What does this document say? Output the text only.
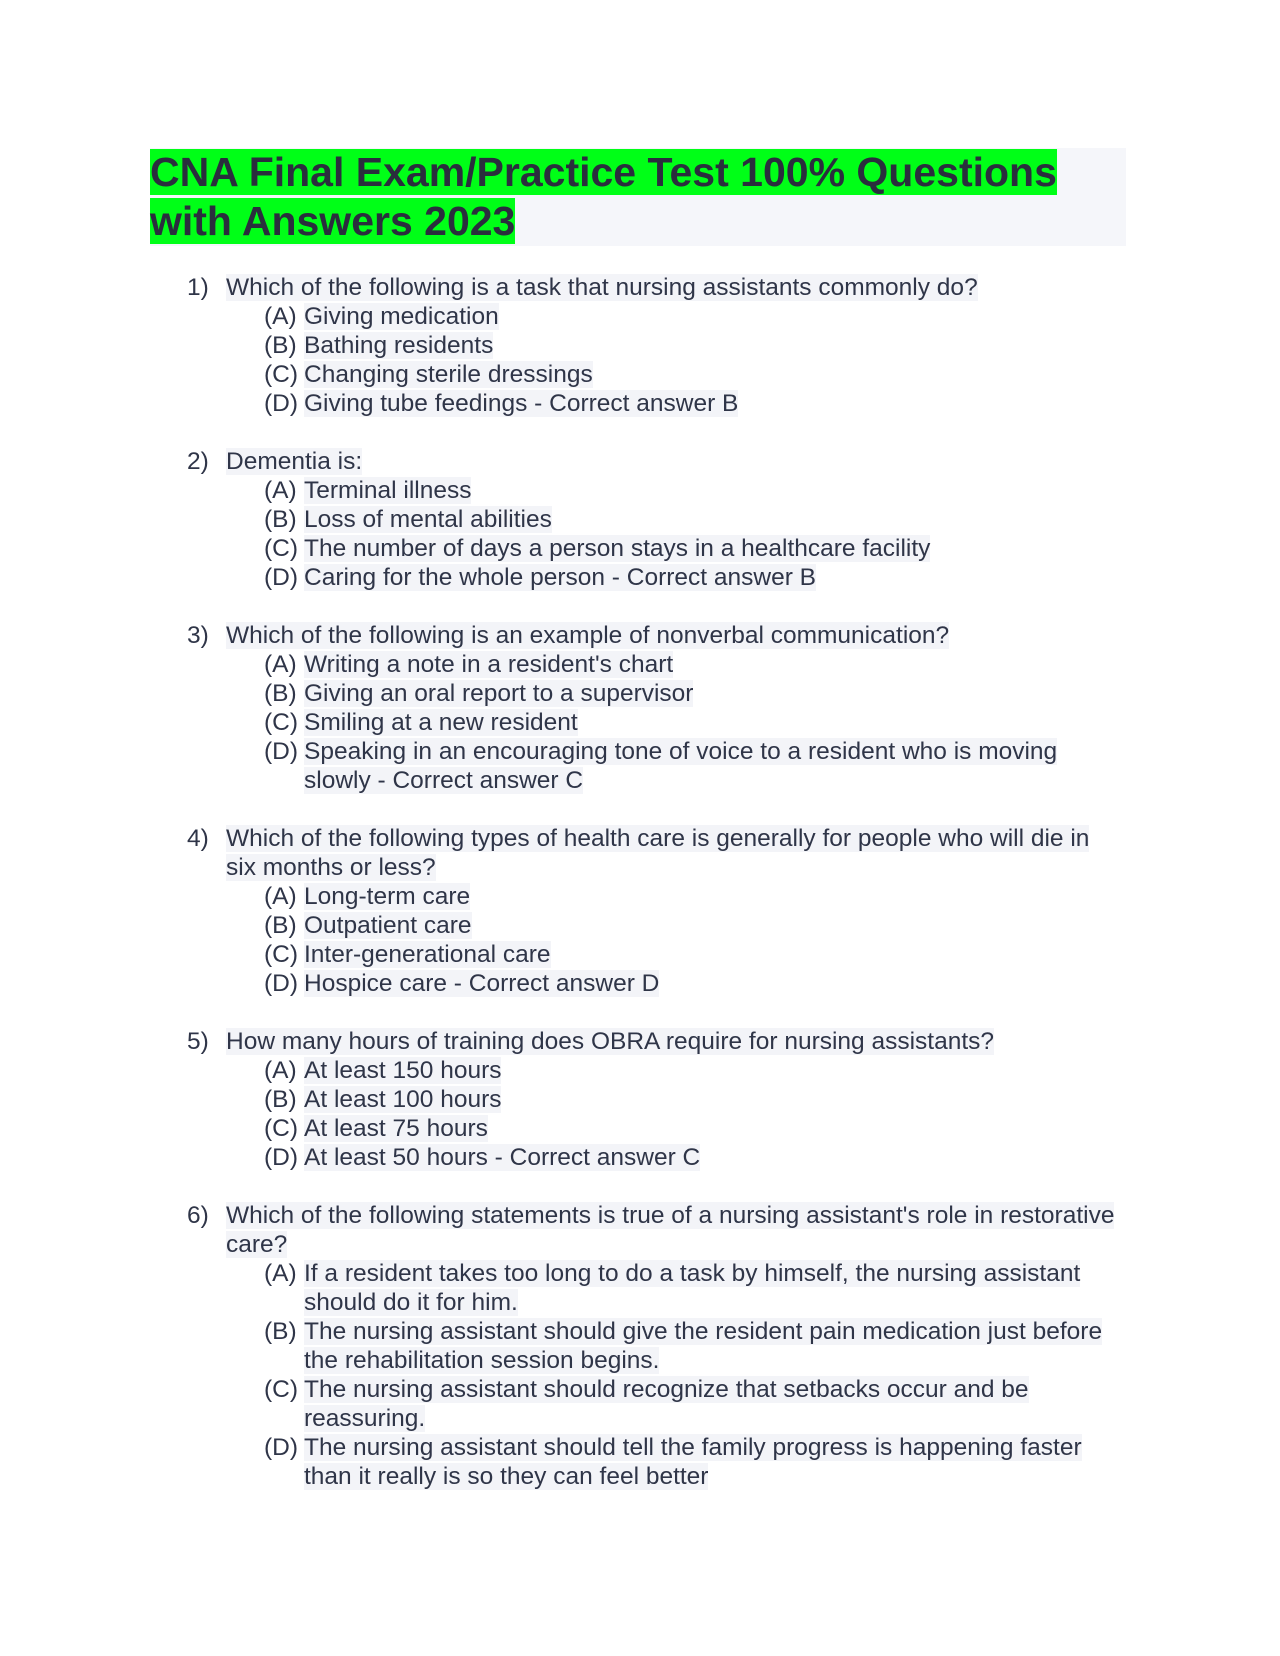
CNA Final Exam/Practice Test 100% Questions with Answers 2023
1) Which of the following is a task that nursing assistants commonly do?
(A) Giving medication
(B) Bathing residents
(C) Changing sterile dressings
(D) Giving tube feedings - Correct answer B
2) Dementia is:
(A) Terminal illness
(B) Loss of mental abilities
(C) The number of days a person stays in a healthcare facility
(D) Caring for the whole person - Correct answer B
3) Which of the following is an example of nonverbal communication?
(A) Writing a note in a resident's chart
(B) Giving an oral report to a supervisor
(C) Smiling at a new resident
(D) Speaking in an encouraging tone of voice to a resident who is moving slowly - Correct answer C
4) Which of the following types of health care is generally for people who will die in six months or less?
(A) Long-term care
(B) Outpatient care
(C) Inter-generational care
(D) Hospice care - Correct answer D
5) How many hours of training does OBRA require for nursing assistants?
(A) At least 150 hours
(B) At least 100 hours
(C) At least 75 hours
(D) At least 50 hours - Correct answer C
6) Which of the following statements is true of a nursing assistant's role in restorative care?
(A) If a resident takes too long to do a task by himself, the nursing assistant should do it for him.
(B) The nursing assistant should give the resident pain medication just before the rehabilitation session begins.
(C) The nursing assistant should recognize that setbacks occur and be reassuring.
(D) The nursing assistant should tell the family progress is happening faster than it really is so they can feel better
